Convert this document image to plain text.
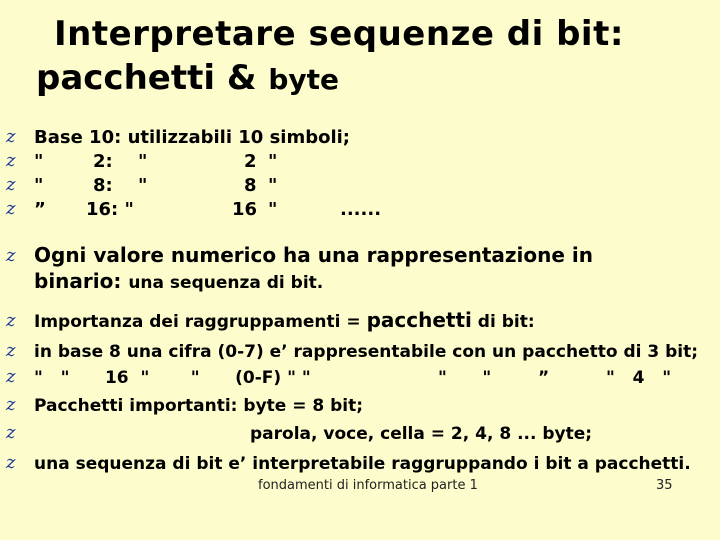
Interpretare sequenze di bit:
pacchetti & byte
z Base 10: utilizzabili 10 simboli;
z "	2: "	2 "
z "	8: "	8 "
z ” 16: "	16 "	......
z Ogni valore numerico ha una rappresentazione in
binario: una sequenza di bit.
z Importanza dei raggruppamenti = pacchetti di bit:
z in base 8 una cifra (0-7) e’ rappresentabile con un pacchetto di 3 bit;
z "   "      16  "       "      (0-F) " "	"      "	”	"   4   "
z Pacchetti importanti: byte = 8 bit;
z	parola, voce, cella = 2, 4, 8 ... byte;
z una sequenza di bit e’ interpretabile raggruppando i bit a pacchetti.
fondamenti di informatica parte 1	35
